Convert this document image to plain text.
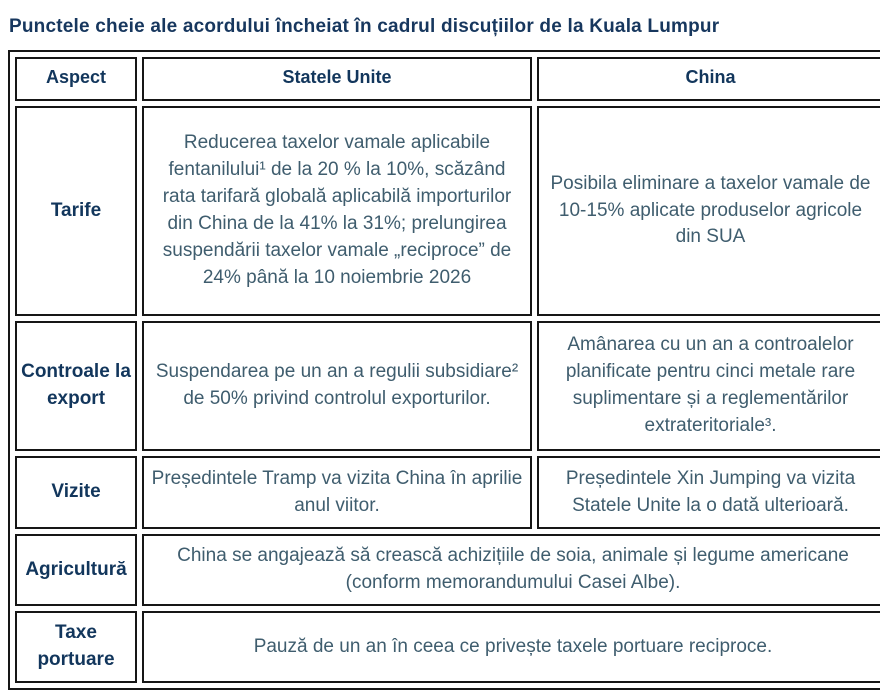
Punctele cheie ale acordului încheiat în cadrul discuțiilor de la Kuala Lumpur
Aspect	Statele Unite	China
Tarife	Reducerea taxelor vamale aplicabile fentanilului¹ de la 20 % la 10%, scăzând rata tarifară globală aplicabilă importurilor din China de la 41% la 31%; prelungirea suspendării taxelor vamale „reciproce” de 24% până la 10 noiembrie 2026	Posibila eliminare a taxelor vamale de 10-15% aplicate produselor agricole din SUA
Controale la export	Suspendarea pe un an a regulii subsidiare² de 50% privind controlul exporturilor.	Amânarea cu un an a controalelor planificate pentru cinci metale rare suplimentare și a reglementărilor extrateritoriale³.
Vizite	Președintele Tramp va vizita China în aprilie anul viitor.	Președintele Xin Jumping va vizita Statele Unite la o dată ulterioară.
Agricultură	China se angajează să crească achizițiile de soia, animale și legume americane (conform memorandumului Casei Albe).	
Taxe portuare	Pauză de un an în ceea ce privește taxele portuare reciproce.	
